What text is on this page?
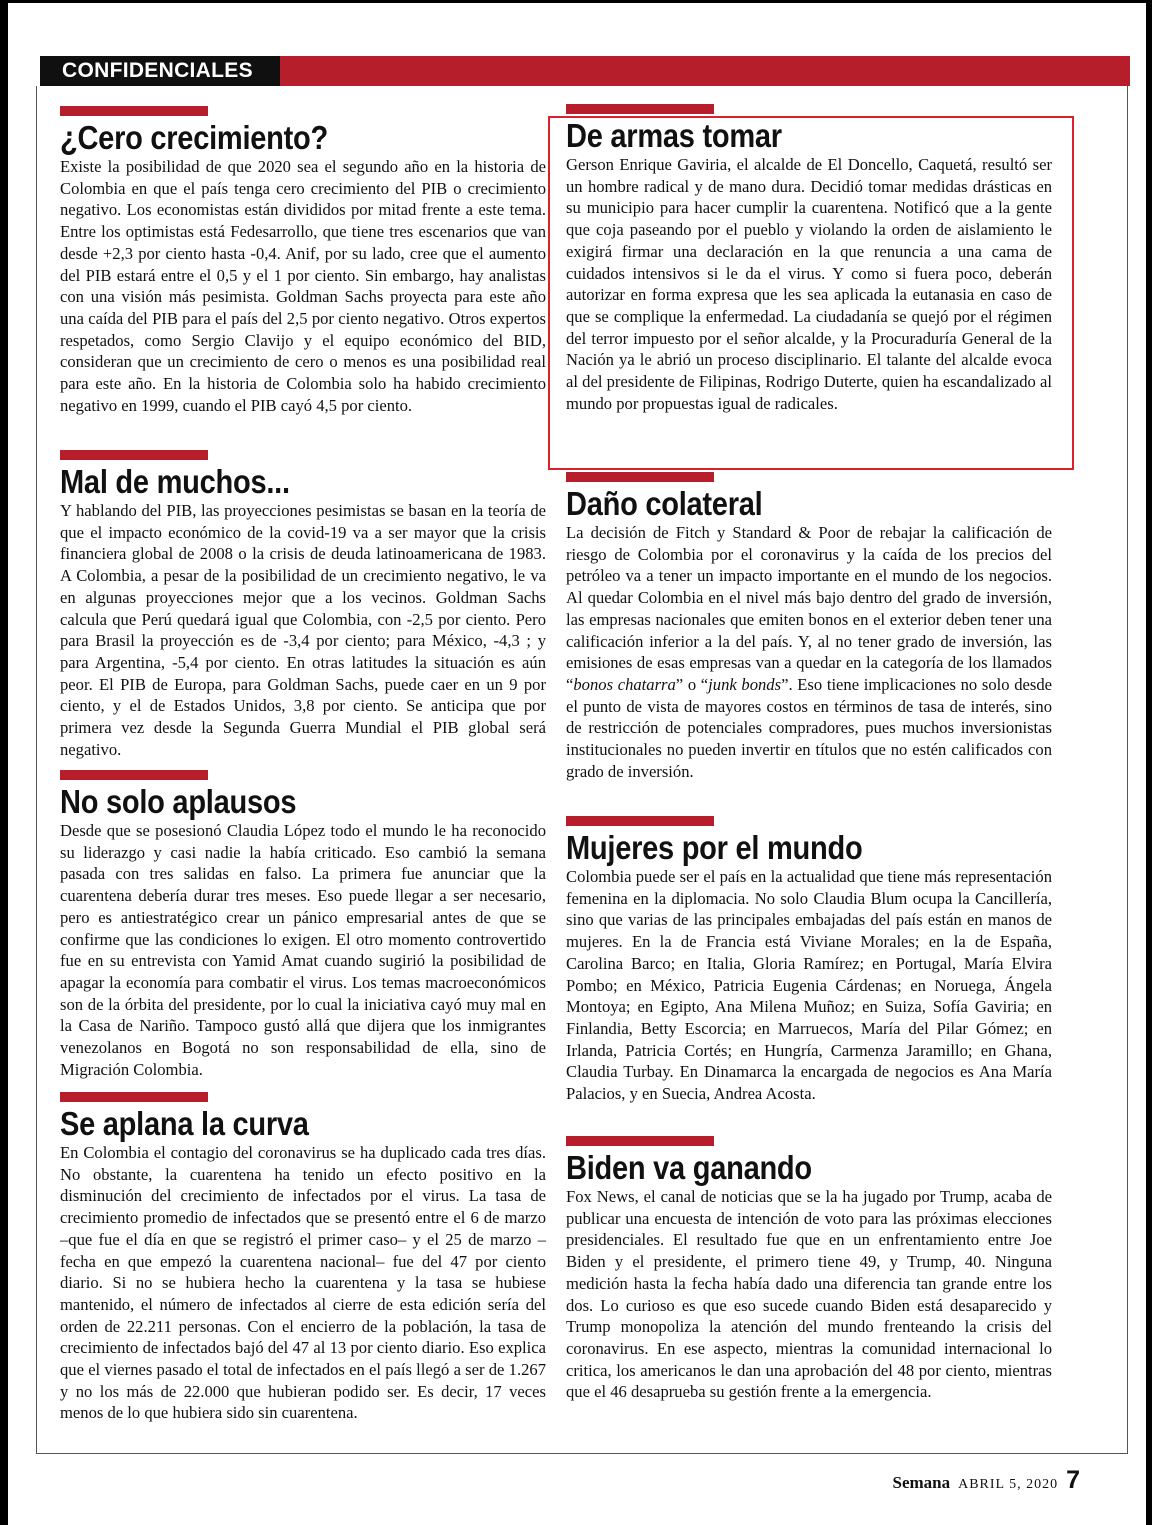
CONFIDENCIALES
¿Cero crecimiento?

Existe la posibilidad de que 2020 sea el segundo año en la historia de Colombia en que el país tenga cero crecimiento del PIB o crecimiento negativo. Los economistas están divididos por mitad frente a este tema. Entre los optimistas está Fedesarrollo, que tiene tres escenarios que van desde +2,3 por ciento hasta -0,4. Anif, por su lado, cree que el aumento del PIB estará entre el 0,5 y el 1 por ciento. Sin embargo, hay analistas con una visión más pesimista. Goldman Sachs proyecta para este año una caída del PIB para el país del 2,5 por ciento negativo. Otros expertos respetados, como Sergio Clavijo y el equipo económico del BID, consideran que un crecimiento de cero o menos es una posibilidad real para este año. En la historia de Colombia solo ha habido crecimiento negativo en 1999, cuando el PIB cayó 4,5 por ciento.

Mal de muchos...

Y hablando del PIB, las proyecciones pesimistas se basan en la teoría de que el impacto económico de la covid-19 va a ser mayor que la crisis financiera global de 2008 o la crisis de deuda latinoamericana de 1983. A Colombia, a pesar de la posibilidad de un crecimiento negativo, le va en algunas proyecciones mejor que a los vecinos. Goldman Sachs calcula que Perú quedará igual que Colombia, con -2,5 por ciento. Pero para Brasil la proyección es de -3,4 por ciento; para México, -4,3 ; y para Argentina, -5,4 por ciento. En otras latitudes la situación es aún peor. El PIB de Europa, para Goldman Sachs, puede caer en un 9 por ciento, y el de Estados Unidos, 3,8 por ciento. Se anticipa que por primera vez desde la Segunda Guerra Mundial el PIB global será negativo.

No solo aplausos

Desde que se posesionó Claudia López todo el mundo le ha reconocido su liderazgo y casi nadie la había criticado. Eso cambió la semana pasada con tres salidas en falso. La primera fue anunciar que la cuarentena debería durar tres meses. Eso puede llegar a ser necesario, pero es antiestratégico crear un pánico empresarial antes de que se confirme que las condiciones lo exigen. El otro momento controvertido fue en su entrevista con Yamid Amat cuando sugirió la posibilidad de apagar la economía para combatir el virus. Los temas macroeconómicos son de la órbita del presidente, por lo cual la iniciativa cayó muy mal en la Casa de Nariño. Tampoco gustó allá que dijera que los inmigrantes venezolanos en Bogotá no son responsabilidad de ella, sino de Migración Colombia.

Se aplana la curva

En Colombia el contagio del coronavirus se ha duplicado cada tres días. No obstante, la cuarentena ha tenido un efecto positivo en la disminución del crecimiento de infectados por el virus. La tasa de crecimiento promedio de infectados que se presentó entre el 6 de marzo –que fue el día en que se registró el primer caso– y el 25 de marzo –fecha en que empezó la cuarentena nacional– fue del 47 por ciento diario. Si no se hubiera hecho la cuarentena y la tasa se hubiese mantenido, el número de infectados al cierre de esta edición sería del orden de 22.211 personas. Con el encierro de la población, la tasa de crecimiento de infectados bajó del 47 al 13 por ciento diario. Eso explica que el viernes pasado el total de infectados en el país llegó a ser de 1.267 y no los más de 22.000 que hubieran podido ser. Es decir, 17 veces menos de lo que hubiera sido sin cuarentena.

De armas tomar

Gerson Enrique Gaviria, el alcalde de El Doncello, Caquetá, resultó ser un hombre radical y de mano dura. Decidió tomar medidas drásticas en su municipio para hacer cumplir la cuarentena. Notificó que a la gente que coja paseando por el pueblo y violando la orden de aislamiento le exigirá firmar una declaración en la que renuncia a una cama de cuidados intensivos si le da el virus. Y como si fuera poco, deberán autorizar en forma expresa que les sea aplicada la eutanasia en caso de que se complique la enfermedad. La ciudadanía se quejó por el régimen del terror impuesto por el señor alcalde, y la Procuraduría General de la Nación ya le abrió un proceso disciplinario. El talante del alcalde evoca al del presidente de Filipinas, Rodrigo Duterte, quien ha escandalizado al mundo por propuestas igual de radicales.

Daño colateral

La decisión de Fitch y Standard & Poor de rebajar la calificación de riesgo de Colombia por el coronavirus y la caída de los precios del petróleo va a tener un impacto importante en el mundo de los negocios. Al quedar Colombia en el nivel más bajo dentro del grado de inversión, las empresas nacionales que emiten bonos en el exterior deben tener una calificación inferior a la del país. Y, al no tener grado de inversión, las emisiones de esas empresas van a quedar en la categoría de los llamados “bonos chatarra” o “junk bonds”. Eso tiene implicaciones no solo desde el punto de vista de mayores costos en términos de tasa de interés, sino de restricción de potenciales compradores, pues muchos inversionistas institucionales no pueden invertir en títulos que no estén calificados con grado de inversión.

Mujeres por el mundo

Colombia puede ser el país en la actualidad que tiene más representación femenina en la diplomacia. No solo Claudia Blum ocupa la Cancillería, sino que varias de las principales embajadas del país están en manos de mujeres. En la de Francia está Viviane Morales; en la de España, Carolina Barco; en Italia, Gloria Ramírez; en Portugal, María Elvira Pombo; en México, Patricia Eugenia Cárdenas; en Noruega, Ángela Montoya; en Egipto, Ana Milena Muñoz; en Suiza, Sofía Gaviria; en Finlandia, Betty Escorcia; en Marruecos, María del Pilar Gómez; en Irlanda, Patricia Cortés; en Hungría, Carmenza Jaramillo; en Ghana, Claudia Turbay. En Dinamarca la encargada de negocios es Ana María Palacios, y en Suecia, Andrea Acosta.

Biden va ganando

Fox News, el canal de noticias que se la ha jugado por Trump, acaba de publicar una encuesta de intención de voto para las próximas elecciones presidenciales. El resultado fue que en un enfrentamiento entre Joe Biden y el presidente, el primero tiene 49, y Trump, 40. Ninguna medición hasta la fecha había dado una diferencia tan grande entre los dos. Lo curioso es que eso sucede cuando Biden está desaparecido y Trump monopoliza la atención del mundo frenteando la crisis del coronavirus. En ese aspecto, mientras la comunidad internacional lo critica, los americanos le dan una aprobación del 48 por ciento, mientras que el 46 desaprueba su gestión frente a la emergencia.

Semana ABRIL 5, 2020 7
